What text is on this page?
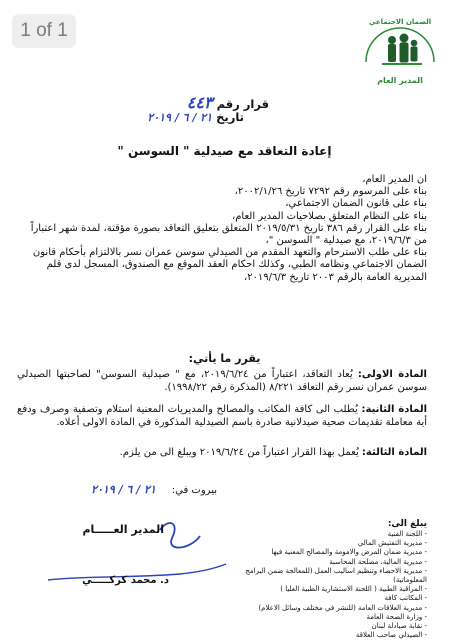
1 of 1	الضمان الاجتماعي
المدير العام
قرار رقم ٤٤٣
تاريخ ٢١ / ٦ / ٢٠١٩
إعادة التعاقد مع صيدلية " السوسن "

ان المدير العام،

بناء على المرسوم رقم ٧٢٩٢ تاريخ ٢٠٠٢/١/٢٦،

بناء على قانون الضمان الاجتماعي،

بناء على النظام المتعلق بصلاحيات المدير العام،

بناء على القرار رقم ٣٨٦ تاريخ ٢٠١٩/٥/٣١ المتعلق بتعليق التعاقد بصورة مؤقتة، لمدة شهر اعتباراً من ٢٠١٩/٦/٣، مع صيدلية " السوسن "،

بناء على طلب الاسترحام والتعهد المقدم من الصيدلي سوسن عمران نسر بالالتزام بأحكام قانون الضمان الاجتماعي ونظامه الطبي، وكذلك احكام العقد الموقع مع الصندوق، المسجل لدى قلم المديرية العامة بالرقم ٢٠٠٣ تاريخ ٢٠١٩/٦/٣،

يقرر ما يأتي:

المادة الاولى: يُعاد التعاقد، اعتباراً من ٢٠١٩/٦/٢٤، مع " صيدلية السوسن" لصاحبتها الصيدلي سوسن عمران نسر رقم التعاقد ٨/٢٢١ (المذكرة رقم ١٩٩٨/٢٢).

المادة الثانية: يُطلب الى كافة المكاتب والمصالح والمديريات المعنية استلام وتصفية وصرف ودفع أية معاملة تقديمات صحية صيدلانية صادرة باسم الصيدلية المذكورة في المادة الاولى أعلاه.

المادة الثالثة: يُعمل بهذا القرار اعتباراً من ٢٠١٩/٦/٢٤ ويبلغ الى من يلزم.

بيروت في:     ٢١ / ٦ / ٢٠١٩
المدير العـــــام
د. محمد كركـــــي
يبلغ الى:
- اللجنة الفنية
- مديرية التفتيش المالي
- مديرية ضمان المرض والامومة والمصالح المعنية فيها
- مديرية المالية، مصلحة المحاسبة
- مديرية الاحصاء وتنظيم اساليب العمل (للمعالجة ضمن البرامج المعلوماتية)
- المراقبة الطبية ( اللجنة الاستشارية الطبية العليا )
- المكاتب كافة
- مديرية العلاقات العامة (للنشر في مختلف وسائل الاعلام)
- وزارة الصحة العامة
- نقابة صيادلة لبنان
- الصيدلي صاحب العلاقة
